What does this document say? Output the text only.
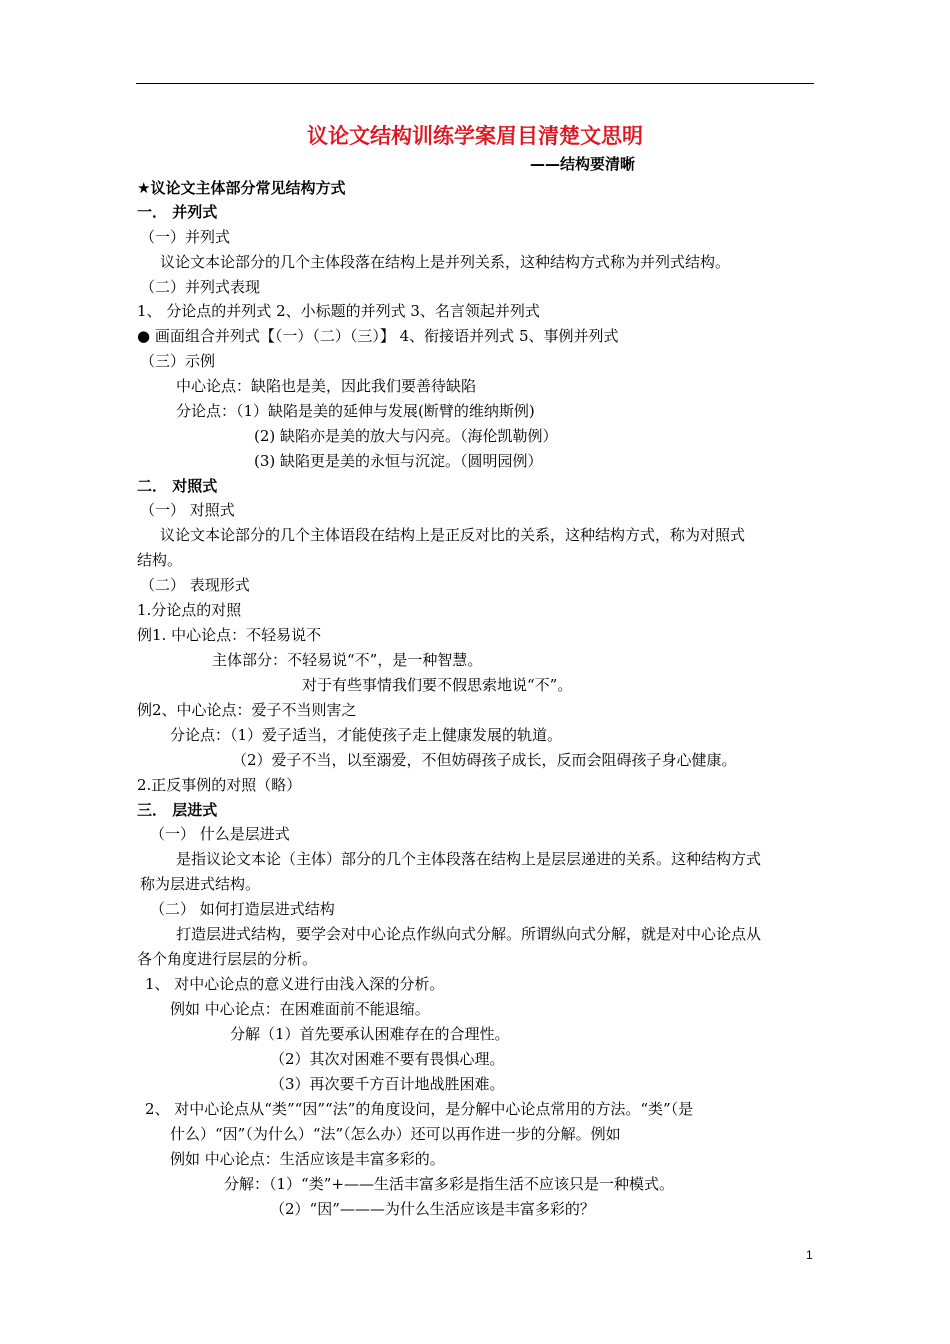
议论文结构训练学案眉目清楚文思明
——结构要清晰
★议论文主体部分常见结构方式
一． 并列式
（一）并列式
议论文本论部分的几个主体段落在结构上是并列关系，这种结构方式称为并列式结构。
（二）并列式表现
1、 分论点的并列式 2、小标题的并列式 3、名言领起并列式
● 画面组合并列式【（一）（二）（三）】 4、衔接语并列式 5、事例并列式
（三）示例
中心论点：缺陷也是美，因此我们要善待缺陷
分论点：（1）缺陷是美的延伸与发展(断臂的维纳斯例)
(2) 缺陷亦是美的放大与闪亮。（海伦凯勒例）
(3) 缺陷更是美的永恒与沉淀。（圆明园例）
二． 对照式
（一） 对照式
议论文本论部分的几个主体语段在结构上是正反对比的关系，这种结构方式，称为对照式
结构。
（二） 表现形式
1.分论点的对照
例1. 中心论点：不轻易说不
主体部分：不轻易说“不”，是一种智慧。
对于有些事情我们要不假思索地说“不”。
例2、中心论点：爱子不当则害之
分论点：（1）爱子适当，才能使孩子走上健康发展的轨道。
（2）爱子不当，以至溺爱，不但妨碍孩子成长，反而会阻碍孩子身心健康。
2.正反事例的对照（略）
三． 层进式
（一） 什么是层进式
是指议论文本论（主体）部分的几个主体段落在结构上是层层递进的关系。这种结构方式
称为层进式结构。
（二） 如何打造层进式结构
打造层进式结构，要学会对中心论点作纵向式分解。所谓纵向式分解，就是对中心论点从
各个角度进行层层的分析。
1、 对中心论点的意义进行由浅入深的分析。
例如 中心论点：在困难面前不能退缩。
分解（1）首先要承认困难存在的合理性。
（2）其次对困难不要有畏惧心理。
（3）再次要千方百计地战胜困难。
2、 对中心论点从“类”“因”“法”的角度设问，是分解中心论点常用的方法。“类”（是
什么）“因”（为什么）“法”（怎么办）还可以再作进一步的分解。例如
例如 中心论点：生活应该是丰富多彩的。
分解：（1）“类”+——生活丰富多彩是指生活不应该只是一种模式。
（2）“因”———为什么生活应该是丰富多彩的？
1
